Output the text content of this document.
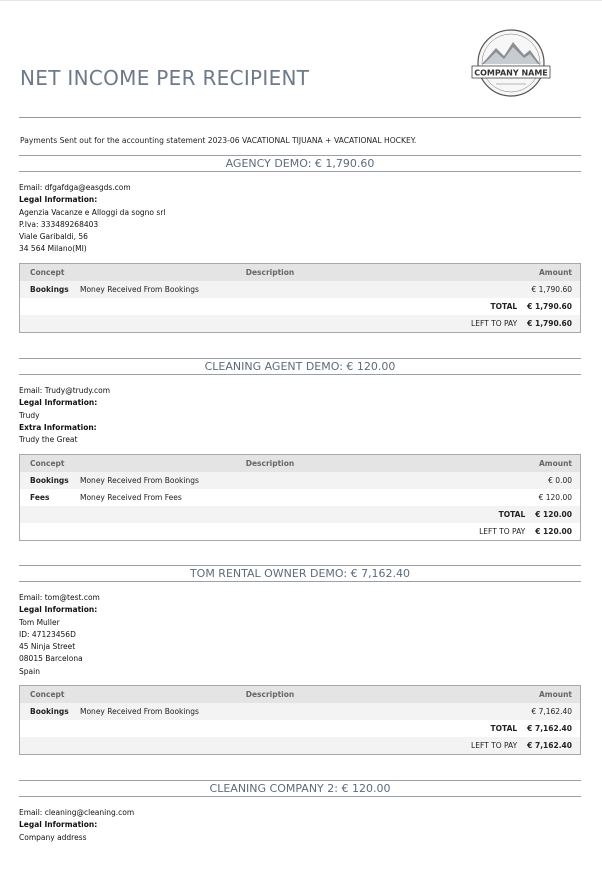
NET INCOME PER RECIPIENT	COMPANY NAME
Payments Sent out for the accounting statement 2023-06 VACATIONAL TIJUANA + VACATIONAL HOCKEY.
AGENCY DEMO: € 1,790.60
Email: dfgafdga@easgds.com
Legal Information:
Agenzia Vacanze e Alloggi da sogno srl
P.Iva: 333489268403
Viale Garibaldi, 56
34 564 Milano(MI)
Concept	Description	Amount
Bookings	Money Received From Bookings	€ 1,790.60
TOTAL € 1,790.60
LEFT TO PAY € 1,790.60
CLEANING AGENT DEMO: € 120.00
Email: Trudy@trudy.com
Legal Information:
Trudy
Extra Information:
Trudy the Great
Concept	Description	Amount
Bookings	Money Received From Bookings	€ 0.00
Fees	Money Received From Fees	€ 120.00
TOTAL € 120.00
LEFT TO PAY € 120.00
TOM RENTAL OWNER DEMO: € 7,162.40
Email: tom@test.com
Legal Information:
Tom Muller
ID: 47123456D
45 Ninja Street
08015 Barcelona
Spain
Concept	Description	Amount
Bookings	Money Received From Bookings	€ 7,162.40
TOTAL € 7,162.40
LEFT TO PAY € 7,162.40
CLEANING COMPANY 2: € 120.00
Email: cleaning@cleaning.com
Legal Information:
Company address
